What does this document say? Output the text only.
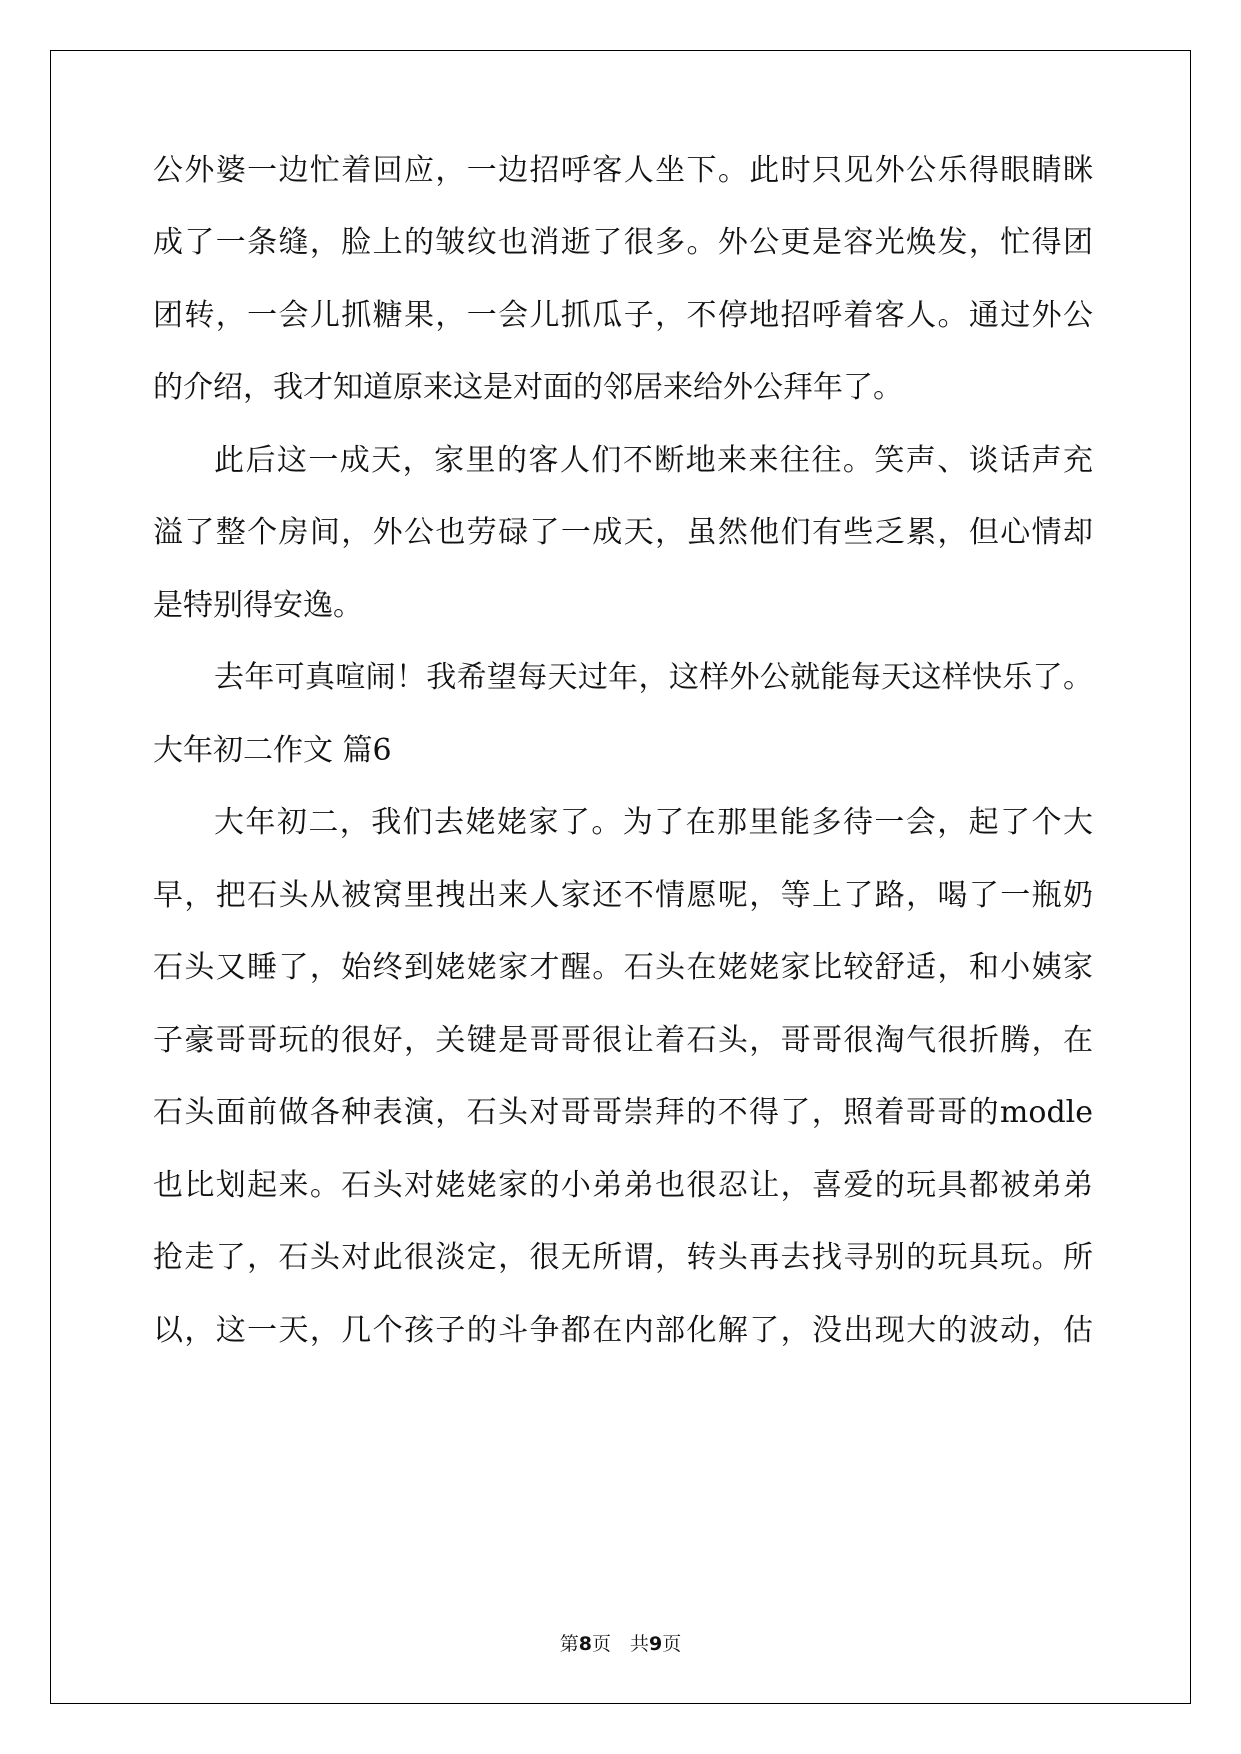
公外婆一边忙着回应，一边招呼客人坐下。此时只见外公乐得眼睛眯
成了一条缝，脸上的皱纹也消逝了很多。外公更是容光焕发，忙得团
团转，一会儿抓糖果，一会儿抓瓜子，不停地招呼着客人。通过外公
的介绍，我才知道原来这是对面的邻居来给外公拜年了。
此后这一成天，家里的客人们不断地来来往往。笑声、谈话声充
溢了整个房间，外公也劳碌了一成天，虽然他们有些乏累，但心情却
是特别得安逸。
去年可真喧闹！我希望每天过年，这样外公就能每天这样快乐了。
大年初二作文 篇6
大年初二，我们去姥姥家了。为了在那里能多待一会，起了个大
早，把石头从被窝里拽出来人家还不情愿呢，等上了路，喝了一瓶奶
石头又睡了，始终到姥姥家才醒。石头在姥姥家比较舒适，和小姨家
子豪哥哥玩的很好，关键是哥哥很让着石头，哥哥很淘气很折腾，在
石头面前做各种表演，石头对哥哥崇拜的不得了，照着哥哥的modle
也比划起来。石头对姥姥家的小弟弟也很忍让，喜爱的玩具都被弟弟
抢走了，石头对此很淡定，很无所谓，转头再去找寻别的玩具玩。所
以，这一天，几个孩子的斗争都在内部化解了，没出现大的波动，估
第8页　共9页
